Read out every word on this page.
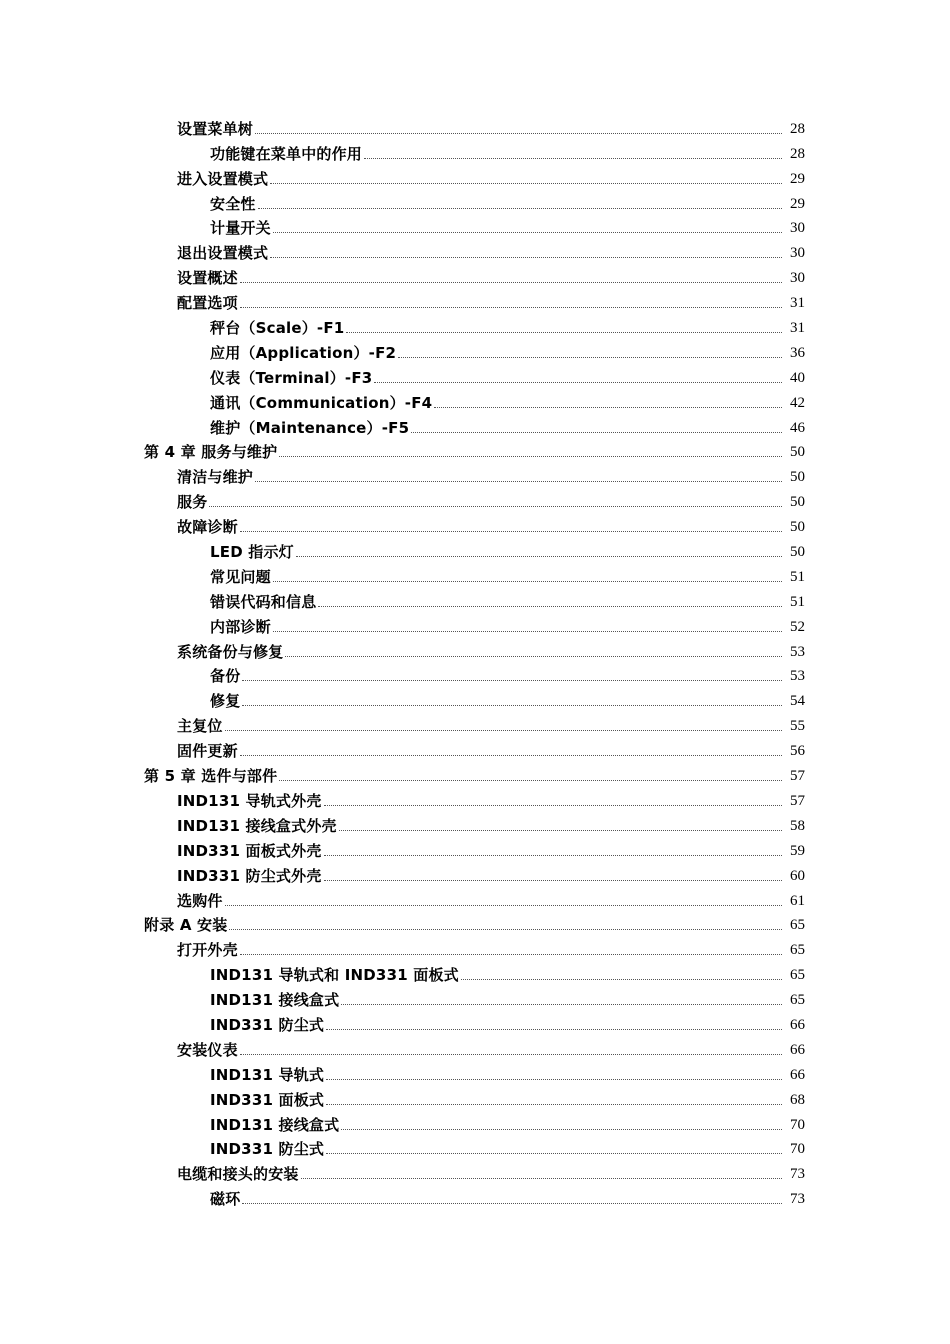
设置菜单树	28
功能键在菜单中的作用	28
进入设置模式	29
安全性	29
计量开关	30
退出设置模式	30
设置概述	30
配置选项	31
秤台（Scale）-F1	31
应用（Application）-F2	36
仪表（Terminal）-F3	40
通讯（Communication）-F4	42
维护（Maintenance）-F5	46
第 4 章 服务与维护	50
清洁与维护	50
服务	50
故障诊断	50
LED 指示灯	50
常见问题	51
错误代码和信息	51
内部诊断	52
系统备份与修复	53
备份	53
修复	54
主复位	55
固件更新	56
第 5 章 选件与部件	57
IND131 导轨式外壳	57
IND131 接线盒式外壳	58
IND331 面板式外壳	59
IND331 防尘式外壳	60
选购件	61
附录 A 安装	65
打开外壳	65
IND131 导轨式和 IND331 面板式	65
IND131 接线盒式	65
IND331 防尘式	66
安装仪表	66
IND131 导轨式	66
IND331 面板式	68
IND131 接线盒式	70
IND331 防尘式	70
电缆和接头的安装	73
磁环	73
